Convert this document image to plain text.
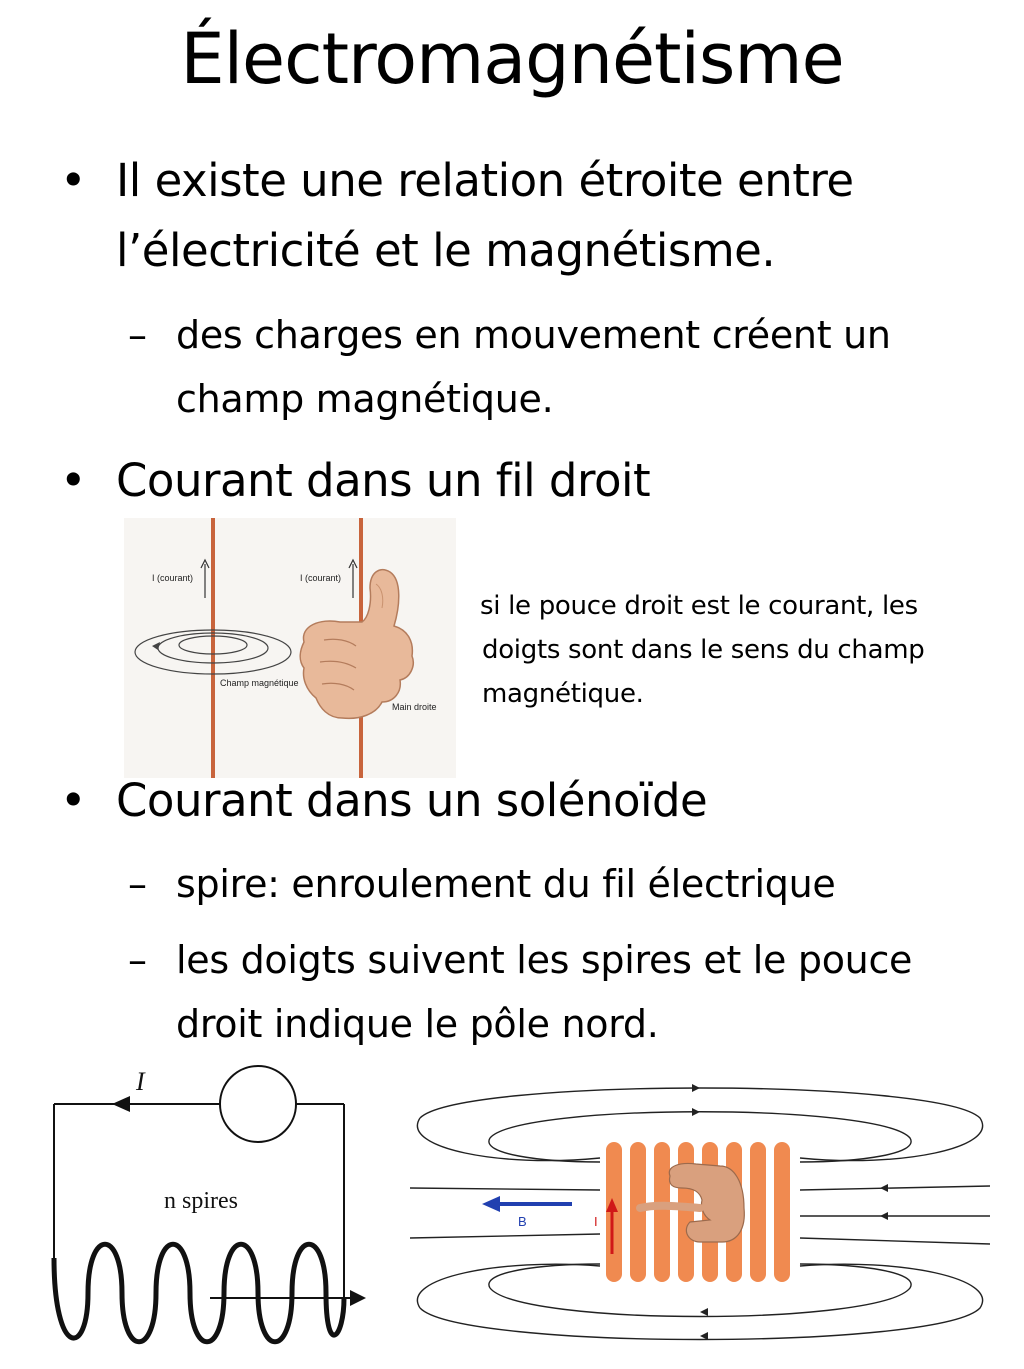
Électromagnétisme
• Il existe une relation étroite entre
l’électricité et le magnétisme.
– des charges en mouvement créent un
champ magnétique.
• Courant dans un fil droit
I (courant)
Champ magnétique
I (courant)
Main droite
si le pouce droit est le courant, les
doigts sont dans le sens du champ
magnétique.
• Courant dans un solénoïde
– spire: enroulement du fil électrique
– les doigts suivent les spires et le pouce
droit indique le pôle nord.
I
n spires
B	I
